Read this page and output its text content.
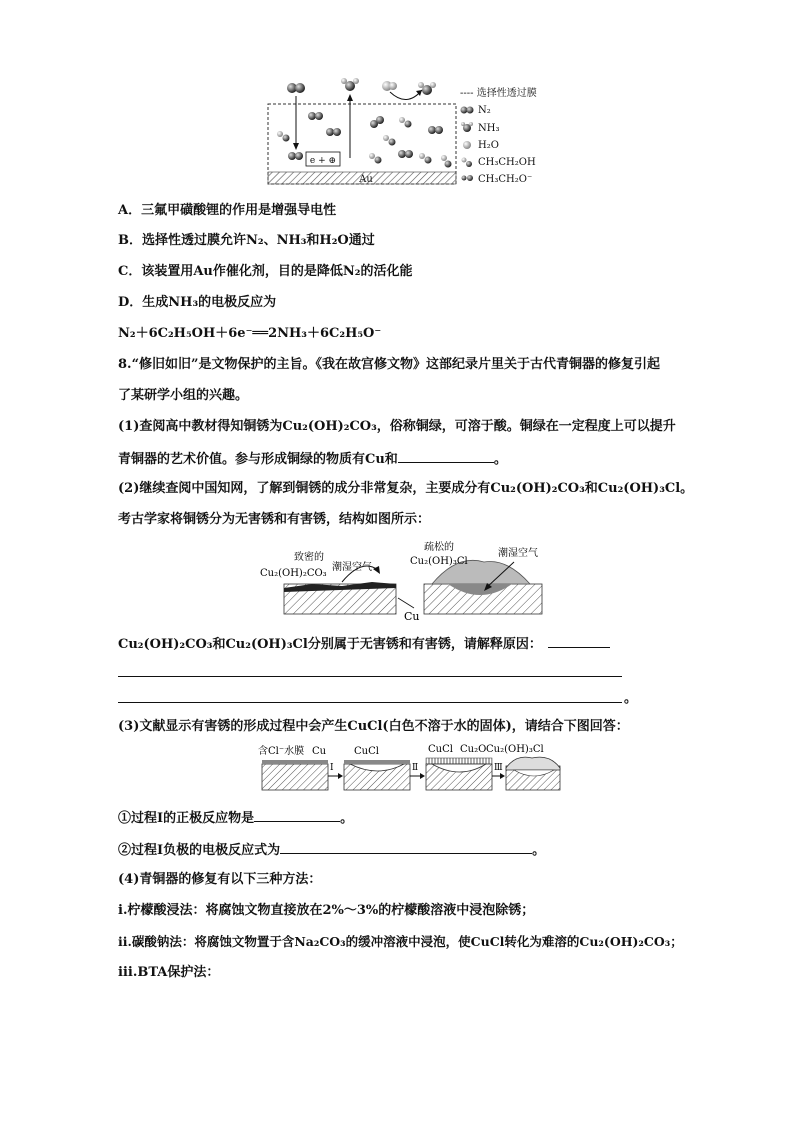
Au
e + ⊕
---- 选择性透过膜
N₂
NH₃
H₂O
CH₃CH₂OH
CH₃CH₂O⁻
A．三氟甲磺酸锂的作用是增强导电性
B．选择性透过膜允许N₂、NH₃和H₂O通过
C．该装置用Au作催化剂，目的是降低N₂的活化能
D．生成NH₃的电极反应为
N₂＋6C₂H₅OH＋6e⁻══2NH₃＋6C₂H₅O⁻
8.“修旧如旧”是文物保护的主旨。《我在故宫修文物》这部纪录片里关于古代青铜器的修复引起
了某研学小组的兴趣。
(1)查阅高中教材得知铜锈为Cu₂(OH)₂CO₃，俗称铜绿，可溶于酸。铜绿在一定程度上可以提升
青铜器的艺术价值。参与形成铜绿的物质有Cu和	。
(2)继续查阅中国知网，了解到铜锈的成分非常复杂，主要成分有Cu₂(OH)₂CO₃和Cu₂(OH)₃Cl。
考古学家将铜锈分为无害锈和有害锈，结构如图所示：
致密的
Cu₂(OH)₂CO₃
潮湿空气
Cu
疏松的
Cu₂(OH)₃Cl
潮湿空气
Cu₂(OH)₂CO₃和Cu₂(OH)₃Cl分别属于无害锈和有害锈，请解释原因：
。
(3)文献显示有害锈的形成过程中会产生CuCl(白色不溶于水的固体)，请结合下图回答：
含Cl⁻水膜 Cu
Ⅰ
CuCl
Ⅱ
CuCl Cu₂O
Ⅲ
Cu₂(OH)₃Cl
①过程Ⅰ的正极反应物是	。
②过程Ⅰ负极的电极反应式为	。
(4)青铜器的修复有以下三种方法：
ⅰ.柠檬酸浸法：将腐蚀文物直接放在2%～3%的柠檬酸溶液中浸泡除锈；
ⅱ.碳酸钠法：将腐蚀文物置于含Na₂CO₃的缓冲溶液中浸泡，使CuCl转化为难溶的Cu₂(OH)₂CO₃；
ⅲ.BTA保护法：
